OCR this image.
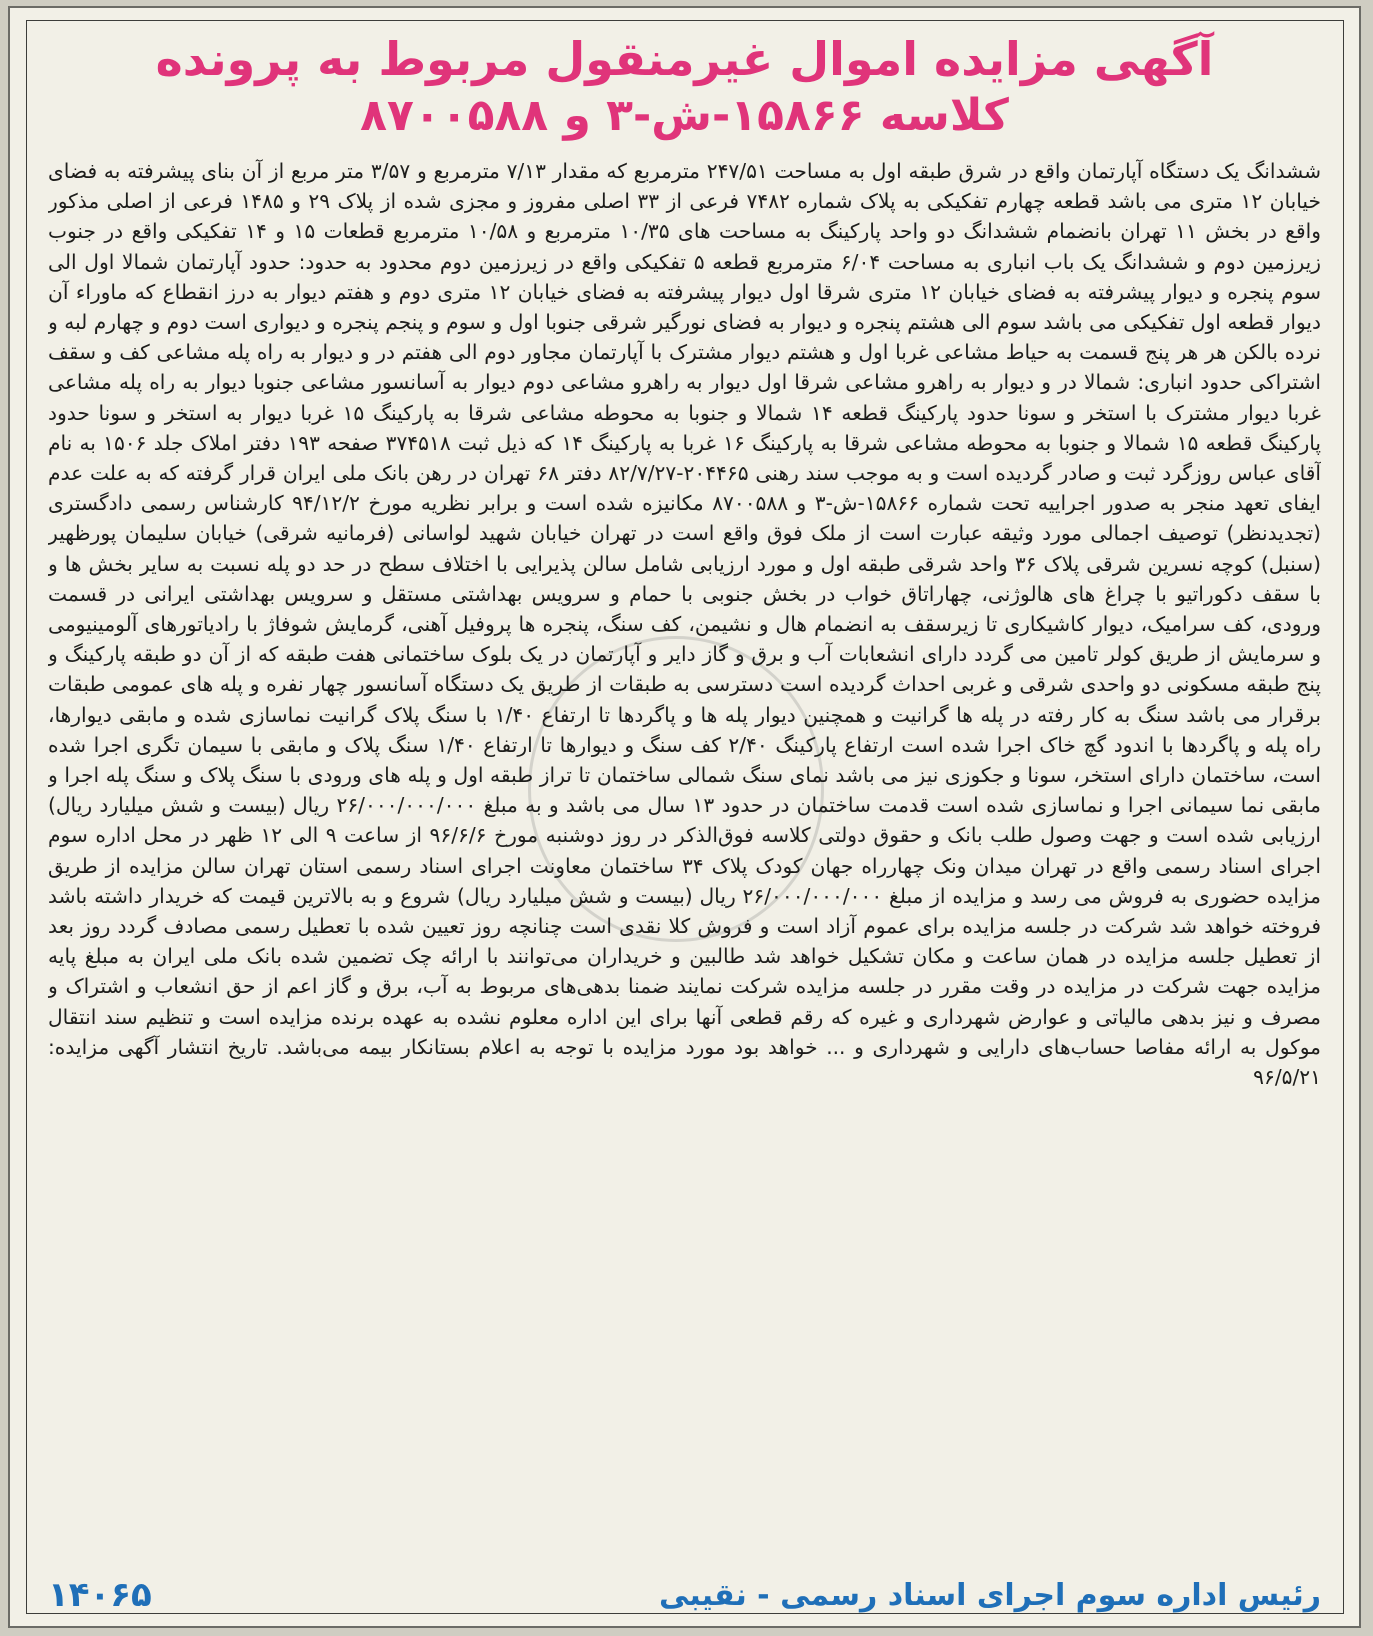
آگهی مزایده اموال غیرمنقول مربوط به پرونده
کلاسه ۱۵۸۶۶-ش-۳ و ۸۷۰۰۵۸۸
ششدانگ یک دستگاه آپارتمان واقع در شرق طبقه اول به مساحت ۲۴۷/۵۱ مترمربع که مقدار ۷/۱۳ مترمربع و ۳/۵۷ متر مربع از آن بنای پیشرفته به فضای خیابان ۱۲ متری می باشد قطعه چهارم تفکیکی به پلاک شماره ۷۴۸۲ فرعی از ۳۳ اصلی مفروز و مجزی شده از پلاک ۲۹ و ۱۴۸۵ فرعی از اصلی مذکور واقع در بخش ۱۱ تهران بانضمام ششدانگ دو واحد پارکینگ به مساحت های ۱۰/۳۵ مترمربع و ۱۰/۵۸ مترمربع قطعات ۱۵ و ۱۴ تفکیکی واقع در جنوب زیرزمین دوم و ششدانگ یک باب انباری به مساحت ۶/۰۴ مترمربع قطعه ۵ تفکیکی واقع در زیرزمین دوم محدود به حدود: حدود آپارتمان شمالا اول الی سوم پنجره و دیوار پیشرفته به فضای خیابان ۱۲ متری شرقا اول دیوار پیشرفته به فضای خیابان ۱۲ متری دوم و هفتم دیوار به درز انقطاع که ماوراء آن دیوار قطعه اول تفکیکی می باشد سوم الی هشتم پنجره و دیوار به فضای نورگیر شرقی جنوبا اول و سوم و پنجم پنجره و دیواری است دوم و چهارم لبه و نرده بالکن هر هر پنج قسمت به حیاط مشاعی غربا اول و هشتم دیوار مشترک با آپارتمان مجاور دوم الی هفتم در و دیوار به راه پله مشاعی کف و سقف اشتراکی حدود انباری: شمالا در و دیوار به راهرو مشاعی شرقا اول دیوار به راهرو مشاعی دوم دیوار به آسانسور مشاعی جنوبا دیوار به راه پله مشاعی غربا دیوار مشترک با استخر و سونا حدود پارکینگ قطعه ۱۴ شمالا و جنوبا به محوطه مشاعی شرقا به پارکینگ ۱۵ غربا دیوار به استخر و سونا حدود پارکینگ قطعه ۱۵ شمالا و جنوبا به محوطه مشاعی شرقا به پارکینگ ۱۶ غربا به پارکینگ ۱۴ که ذیل ثبت ۳۷۴۵۱۸ صفحه ۱۹۳ دفتر املاک جلد ۱۵۰۶ به نام آقای عباس روزگرد ثبت و صادر گردیده است و به موجب سند رهنی ۲۰۴۴۶۵-۸۲/۷/۲۷ دفتر ۶۸ تهران در رهن بانک ملی ایران قرار گرفته که به علت عدم ایفای تعهد منجر به صدور اجراییه تحت شماره ۱۵۸۶۶-ش-۳ و ۸۷۰۰۵۸۸ مکانیزه شده است و برابر نظریه مورخ ۹۴/۱۲/۲ کارشناس رسمی دادگستری (تجدیدنظر) توصیف اجمالی مورد وثیقه عبارت است از ملک فوق واقع است در تهران خیابان شهید لواسانی (فرمانیه شرقی) خیابان سلیمان پورظهیر (سنبل) کوچه نسرین شرقی پلاک ۳۶ واحد شرقی طبقه اول و مورد ارزیابی شامل سالن پذیرایی با اختلاف سطح در حد دو پله نسبت به سایر بخش ها و با سقف دکوراتیو با چراغ های هالوژنی، چهاراتاق خواب در بخش جنوبی با حمام و سرویس بهداشتی مستقل و سرویس بهداشتی ایرانی در قسمت ورودی، کف سرامیک، دیوار کاشیکاری تا زیرسقف به انضمام هال و نشیمن، کف سنگ، پنجره ها پروفیل آهنی، گرمایش شوفاژ با رادیاتورهای آلومینیومی و سرمایش از طریق کولر تامین می گردد دارای انشعابات آب و برق و گاز دایر و آپارتمان در یک بلوک ساختمانی هفت طبقه که از آن دو طبقه پارکینگ و پنج طبقه مسکونی دو واحدی شرقی و غربی احداث گردیده است دسترسی به طبقات از طریق یک دستگاه آسانسور چهار نفره و پله های عمومی طبقات برقرار می باشد سنگ به کار رفته در پله ها گرانیت و همچنین دیوار پله ها و پاگردها تا ارتفاع ۱/۴۰ با سنگ پلاک گرانیت نماسازی شده و مابقی دیوارها، راه پله و پاگردها با اندود گچ خاک اجرا شده است ارتفاع پارکینگ ۲/۴۰ کف سنگ و دیوارها تا ارتفاع ۱/۴۰ سنگ پلاک و مابقی با سیمان تگری اجرا شده است، ساختمان دارای استخر، سونا و جکوزی نیز می باشد نمای سنگ شمالی ساختمان تا تراز طبقه اول و پله های ورودی با سنگ پلاک و سنگ پله اجرا و مابقی نما سیمانی اجرا و نماسازی شده است قدمت ساختمان در حدود ۱۳ سال می باشد و به مبلغ ۲۶/۰۰۰/۰۰۰/۰۰۰ ریال (بیست و شش میلیارد ریال) ارزیابی شده است و جهت وصول طلب بانک و حقوق دولتی کلاسه فوق‌الذکر در روز دوشنبه مورخ ۹۶/۶/۶ از ساعت ۹ الی ۱۲ ظهر در محل اداره سوم اجرای اسناد رسمی واقع در تهران میدان ونک چهارراه جهان کودک پلاک ۳۴ ساختمان معاونت اجرای اسناد رسمی استان تهران سالن مزایده از طریق مزایده حضوری به فروش می رسد و مزایده از مبلغ ۲۶/۰۰۰/۰۰۰/۰۰۰ ریال (بیست و شش میلیارد ریال) شروع و به بالاترین قیمت که خریدار داشته باشد فروخته خواهد شد شرکت در جلسه مزایده برای عموم آزاد است و فروش کلا نقدی است چنانچه روز تعیین شده با تعطیل رسمی مصادف گردد روز بعد از تعطیل جلسه مزایده در همان ساعت و مکان تشکیل خواهد شد طالبین و خریداران می‌توانند با ارائه چک تضمین شده بانک ملی ایران به مبلغ پایه مزایده جهت شرکت در مزایده در وقت مقرر در جلسه مزایده شرکت نمایند ضمنا بدهی‌های مربوط به آب، برق و گاز اعم از حق انشعاب و اشتراک و مصرف و نیز بدهی مالیاتی و عوارض شهرداری و غیره که رقم قطعی آنها برای این اداره معلوم نشده به عهده برنده مزایده است و تنظیم سند انتقال موکول به ارائه مفاصا حساب‌های دارایی و شهرداری و ... خواهد بود مورد مزایده با توجه به اعلام بستانکار بیمه می‌باشد. تاریخ انتشار آگهی مزایده: ۹۶/۵/۲۱
رئیس اداره سوم اجرای اسناد رسمی - نقیبی
۱۴۰۶۵
